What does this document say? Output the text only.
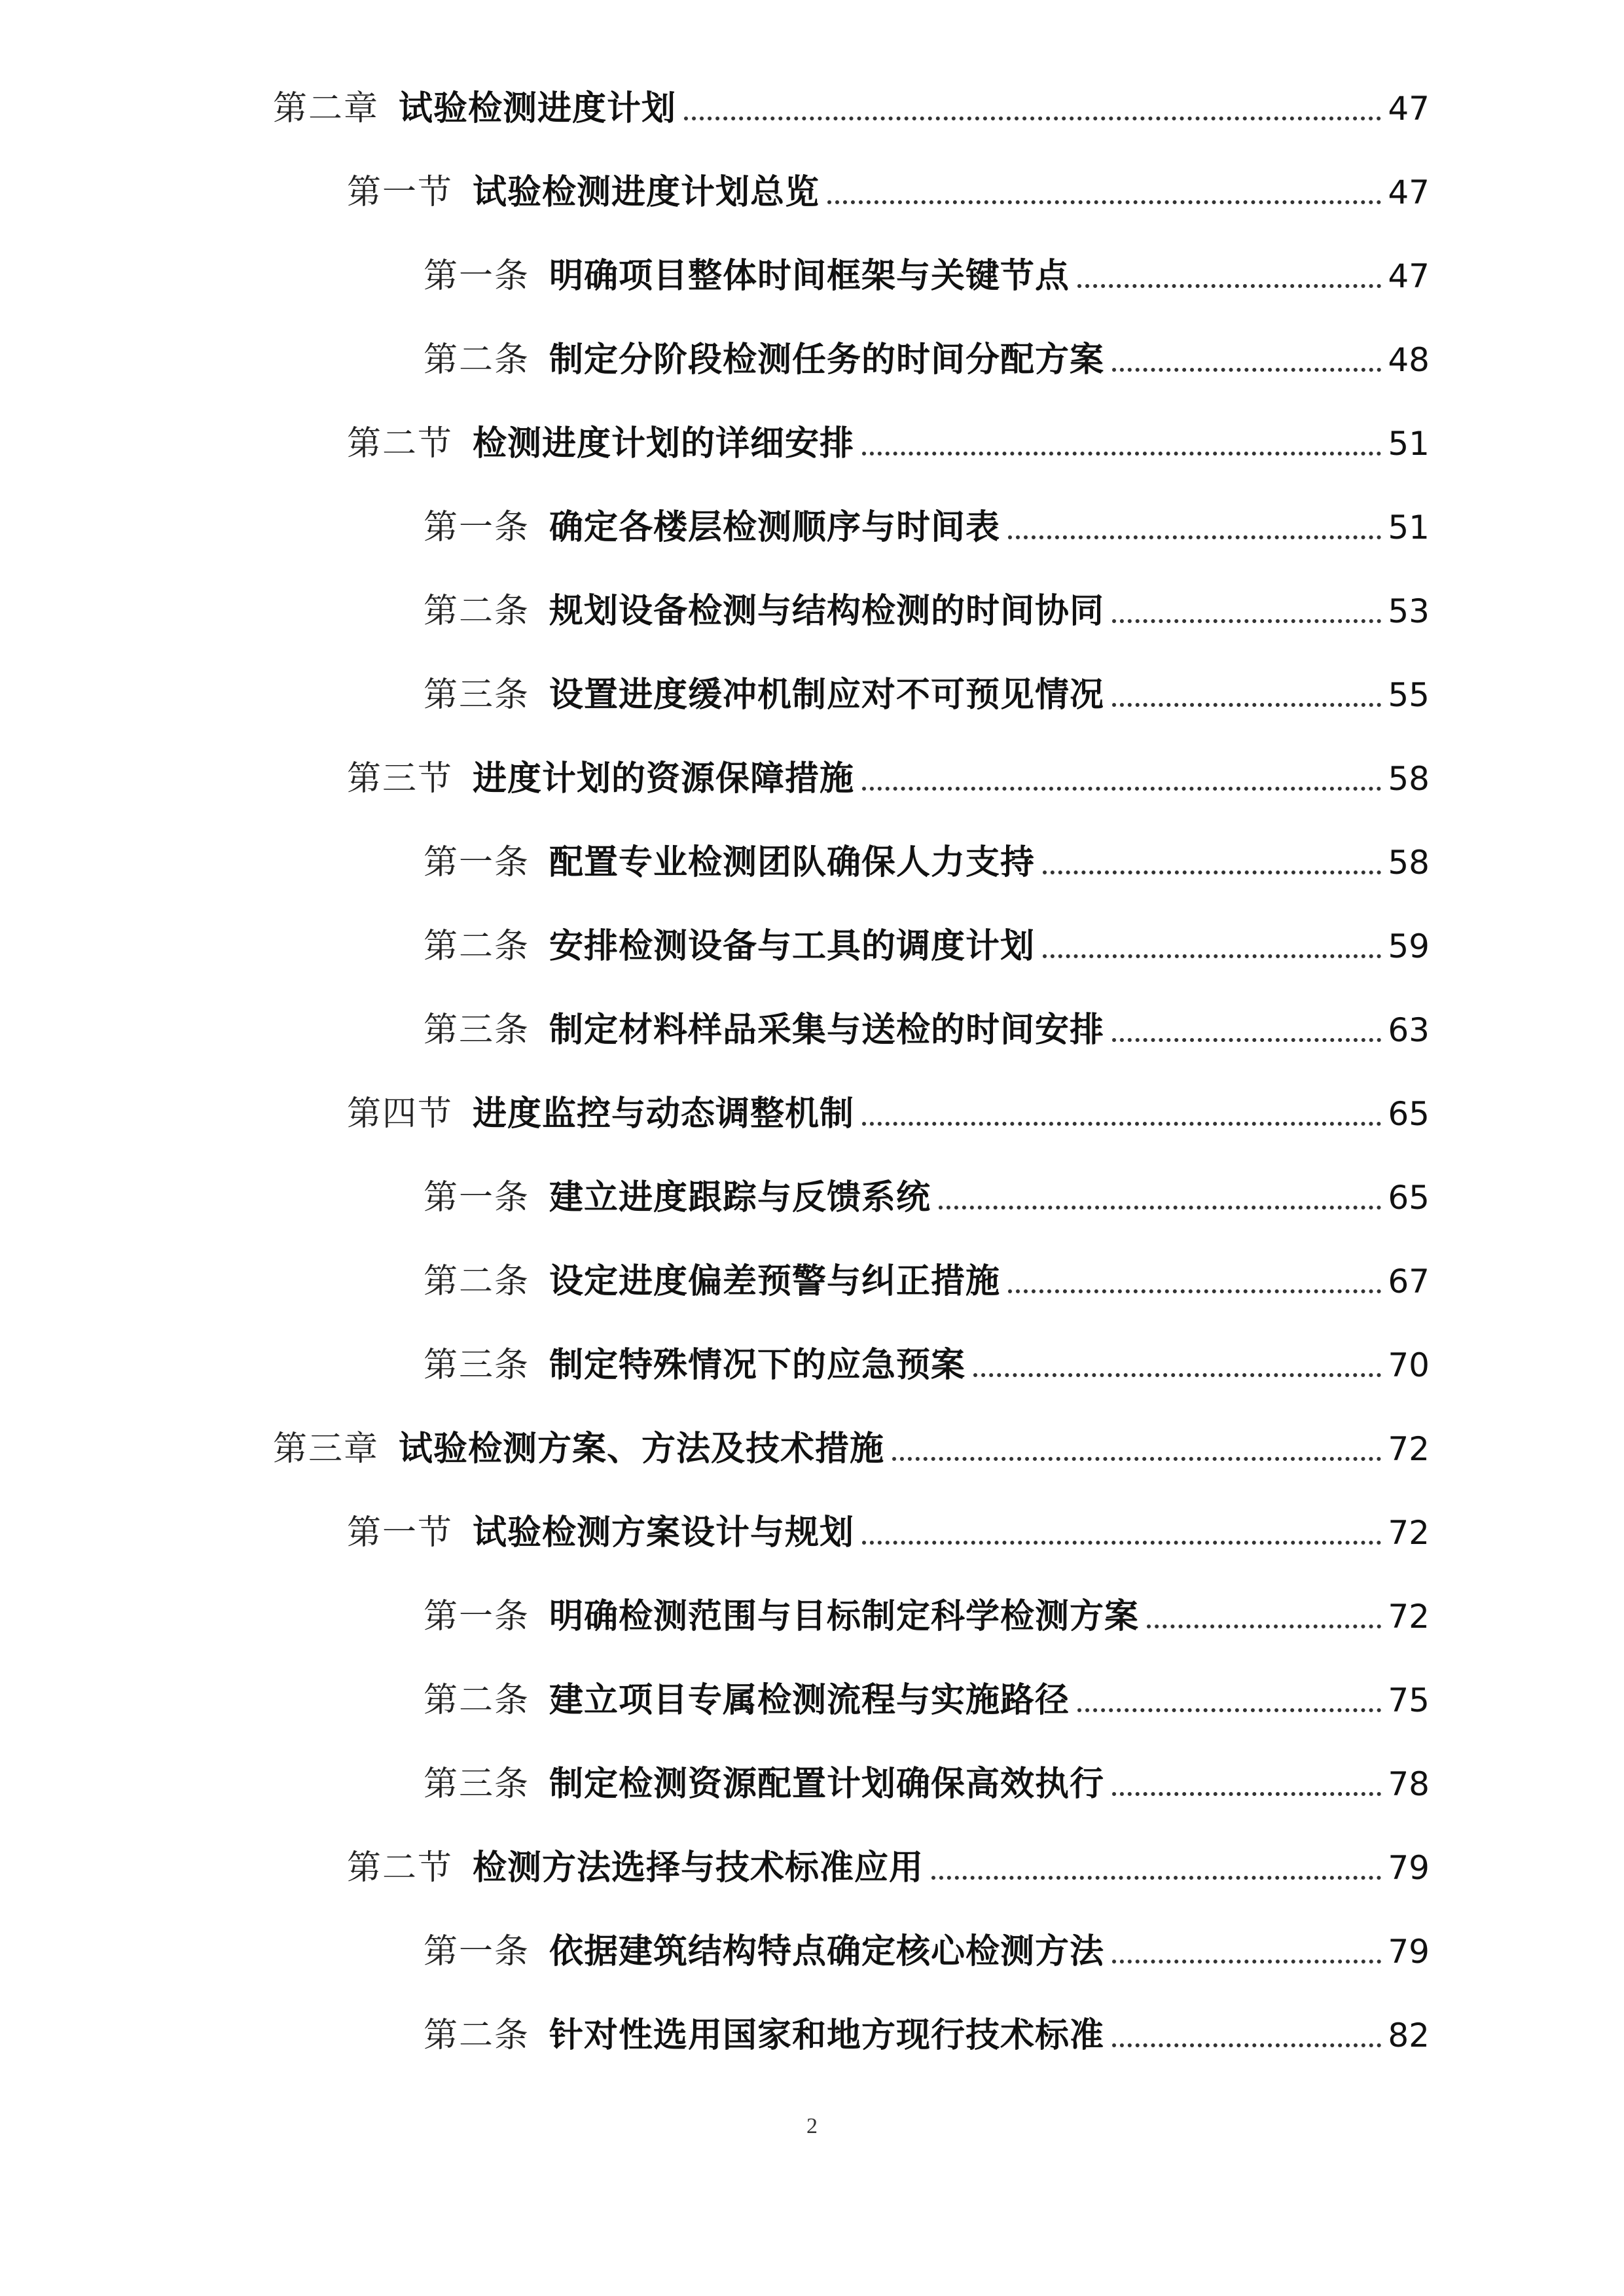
第二章 试验检测进度计划	47
第一节 试验检测进度计划总览	47
第一条 明确项目整体时间框架与关键节点	47
第二条 制定分阶段检测任务的时间分配方案	48
第二节 检测进度计划的详细安排	51
第一条 确定各楼层检测顺序与时间表	51
第二条 规划设备检测与结构检测的时间协同	53
第三条 设置进度缓冲机制应对不可预见情况	55
第三节 进度计划的资源保障措施	58
第一条 配置专业检测团队确保人力支持	58
第二条 安排检测设备与工具的调度计划	59
第三条 制定材料样品采集与送检的时间安排	63
第四节 进度监控与动态调整机制	65
第一条 建立进度跟踪与反馈系统	65
第二条 设定进度偏差预警与纠正措施	67
第三条 制定特殊情况下的应急预案	70
第三章 试验检测方案、方法及技术措施	72
第一节 试验检测方案设计与规划	72
第一条 明确检测范围与目标制定科学检测方案	72
第二条 建立项目专属检测流程与实施路径	75
第三条 制定检测资源配置计划确保高效执行	78
第二节 检测方法选择与技术标准应用	79
第一条 依据建筑结构特点确定核心检测方法	79
第二条 针对性选用国家和地方现行技术标准	82
2
